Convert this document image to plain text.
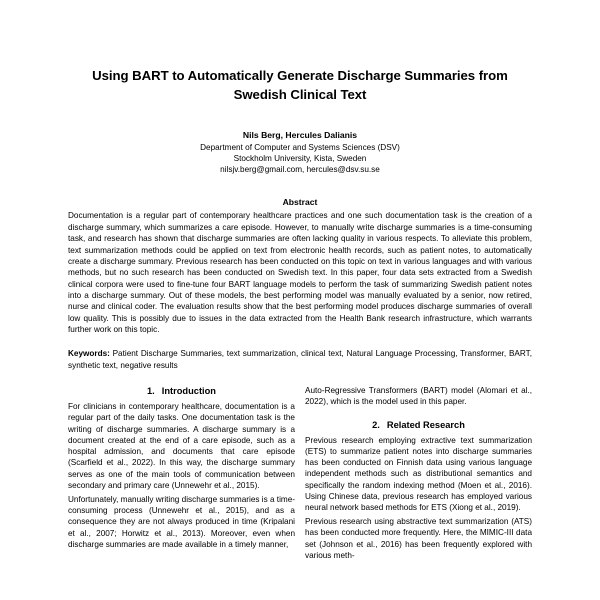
Using BART to Automatically Generate Discharge Summaries from Swedish Clinical Text
Nils Berg, Hercules Dalianis
Department of Computer and Systems Sciences (DSV)
Stockholm University, Kista, Sweden
nilsjv.berg@gmail.com, hercules@dsv.su.se
Abstract
Documentation is a regular part of contemporary healthcare practices and one such documentation task is the creation of a discharge summary, which summarizes a care episode. However, to manually write discharge summaries is a time-consuming task, and research has shown that discharge summaries are often lacking quality in various respects. To alleviate this problem, text summarization methods could be applied on text from electronic health records, such as patient notes, to automatically create a discharge summary. Previous research has been conducted on this topic on text in various languages and with various methods, but no such research has been conducted on Swedish text. In this paper, four data sets extracted from a Swedish clinical corpora were used to fine-tune four BART language models to perform the task of summarizing Swedish patient notes into a discharge summary. Out of these models, the best performing model was manually evaluated by a senior, now retired, nurse and clinical coder. The evaluation results show that the best performing model produces discharge summaries of overall low quality. This is possibly due to issues in the data extracted from the Health Bank research infrastructure, which warrants further work on this topic.
Keywords: Patient Discharge Summaries, text summarization, clinical text, Natural Language Processing, Transformer, BART, synthetic text, negative results
1. Introduction

For clinicians in contemporary healthcare, documentation is a regular part of the daily tasks. One documentation task is the writing of discharge summaries. A discharge summary is a document created at the end of a care episode, such as a hospital admission, and documents that care episode (Scarfield et al., 2022). In this way, the discharge summary serves as one of the main tools of communication between secondary and primary care (Unnewehr et al., 2015).

Unfortunately, manually writing discharge summaries is a time-consuming process (Unnewehr et al., 2015), and as a consequence they are not always produced in time (Kripalani et al., 2007; Horwitz et al., 2013). Moreover, even when discharge summaries are made available in a timely manner,

Auto-Regressive Transformers (BART) model (Alomari et al., 2022), which is the model used in this paper.

2. Related Research

Previous research employing extractive text summarization (ETS) to summarize patient notes into discharge summaries has been conducted on Finnish data using various language independent methods such as distributional semantics and specifically the random indexing method (Moen et al., 2016). Using Chinese data, previous research has employed various neural network based methods for ETS (Xiong et al., 2019).

Previous research using abstractive text summarization (ATS) has been conducted more frequently. Here, the MIMIC-III data set (Johnson et al., 2016) has been frequently explored with various meth-
